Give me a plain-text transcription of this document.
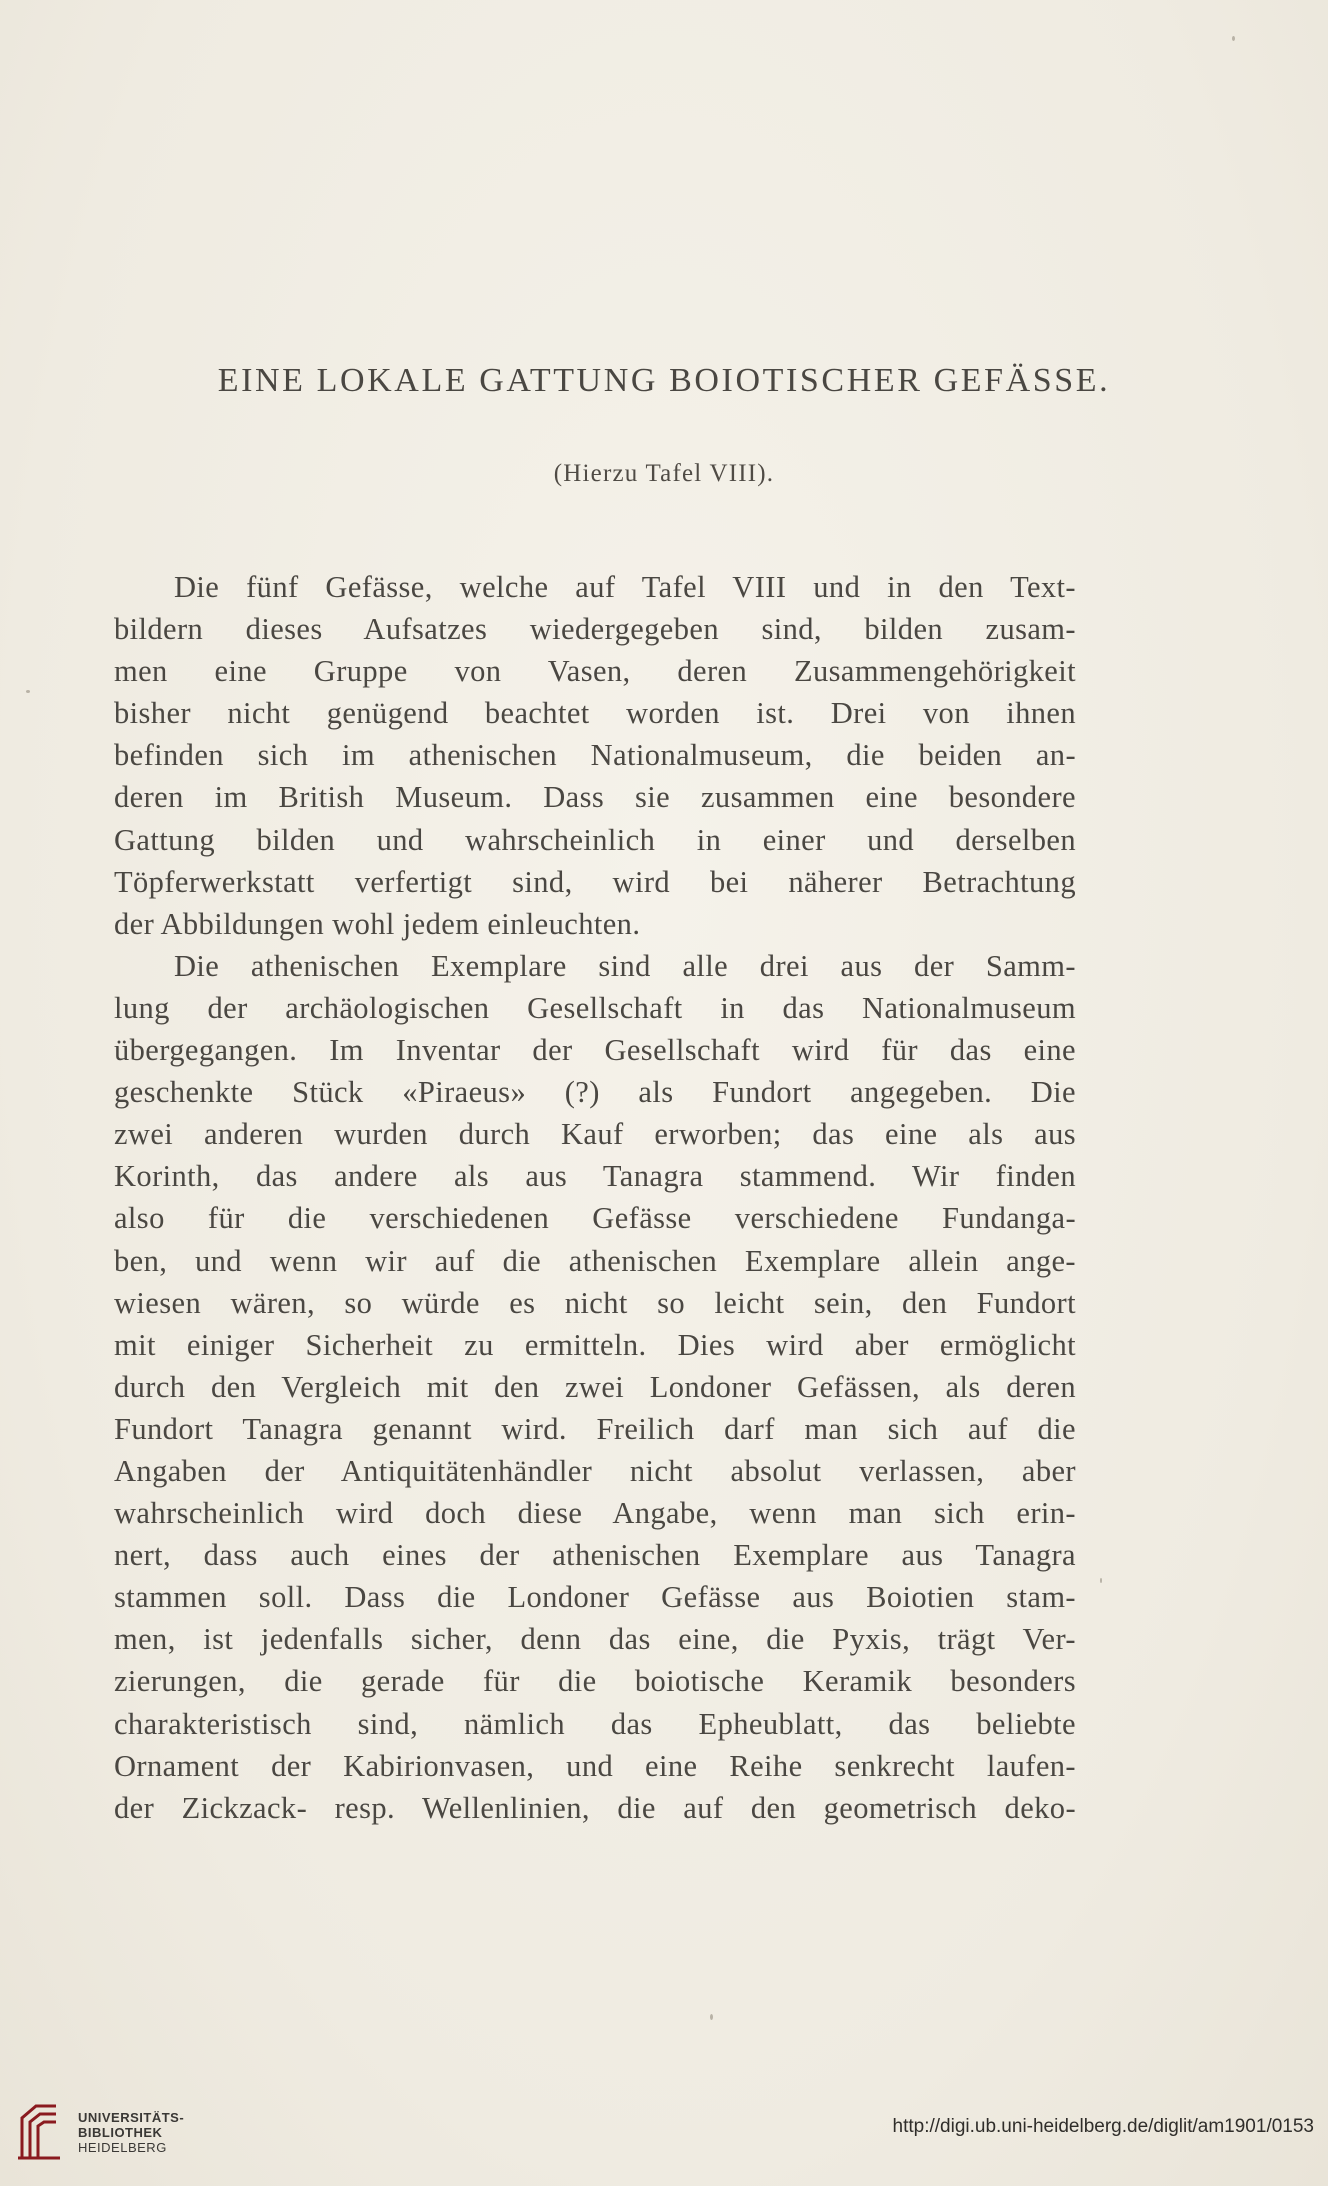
EINE LOKALE GATTUNG BOIOTISCHER GEFÄSSE.
(Hierzu Tafel VIII).
Die fünf Gefässe, welche auf Tafel VIII und in den Text-
bildern dieses Aufsatzes wiedergegeben sind, bilden zusam-
men eine Gruppe von Vasen, deren Zusammengehörigkeit
bisher nicht genügend beachtet worden ist. Drei von ihnen
befinden sich im athenischen Nationalmuseum, die beiden an-
deren im British Museum. Dass sie zusammen eine besondere
Gattung bilden und wahrscheinlich in einer und derselben
Töpferwerkstatt verfertigt sind, wird bei näherer Betrachtung
der Abbildungen wohl jedem einleuchten.
Die athenischen Exemplare sind alle drei aus der Samm-
lung der archäologischen Gesellschaft in das Nationalmuseum
übergegangen. Im Inventar der Gesellschaft wird für das eine
geschenkte Stück «Piraeus» (?) als Fundort angegeben. Die
zwei anderen wurden durch Kauf erworben; das eine als aus
Korinth, das andere als aus Tanagra stammend. Wir finden
also für die verschiedenen Gefässe verschiedene Fundanga-
ben, und wenn wir auf die athenischen Exemplare allein ange-
wiesen wären, so würde es nicht so leicht sein, den Fundort
mit einiger Sicherheit zu ermitteln. Dies wird aber ermöglicht
durch den Vergleich mit den zwei Londoner Gefässen, als deren
Fundort Tanagra genannt wird. Freilich darf man sich auf die
Angaben der Antiquitätenhändler nicht absolut verlassen, aber
wahrscheinlich wird doch diese Angabe, wenn man sich erin-
nert, dass auch eines der athenischen Exemplare aus Tanagra
stammen soll. Dass die Londoner Gefässe aus Boiotien stam-
men, ist jedenfalls sicher, denn das eine, die Pyxis, trägt Ver-
zierungen, die gerade für die boiotische Keramik besonders
charakteristisch sind, nämlich das Epheublatt, das beliebte
Ornament der Kabirionvasen, und eine Reihe senkrecht laufen-
der Zickzack- resp. Wellenlinien, die auf den geometrisch deko-
UNIVERSITÄTS-
BIBLIOTHEK
HEIDELBERG
http://digi.ub.uni-heidelberg.de/diglit/am1901/0153
